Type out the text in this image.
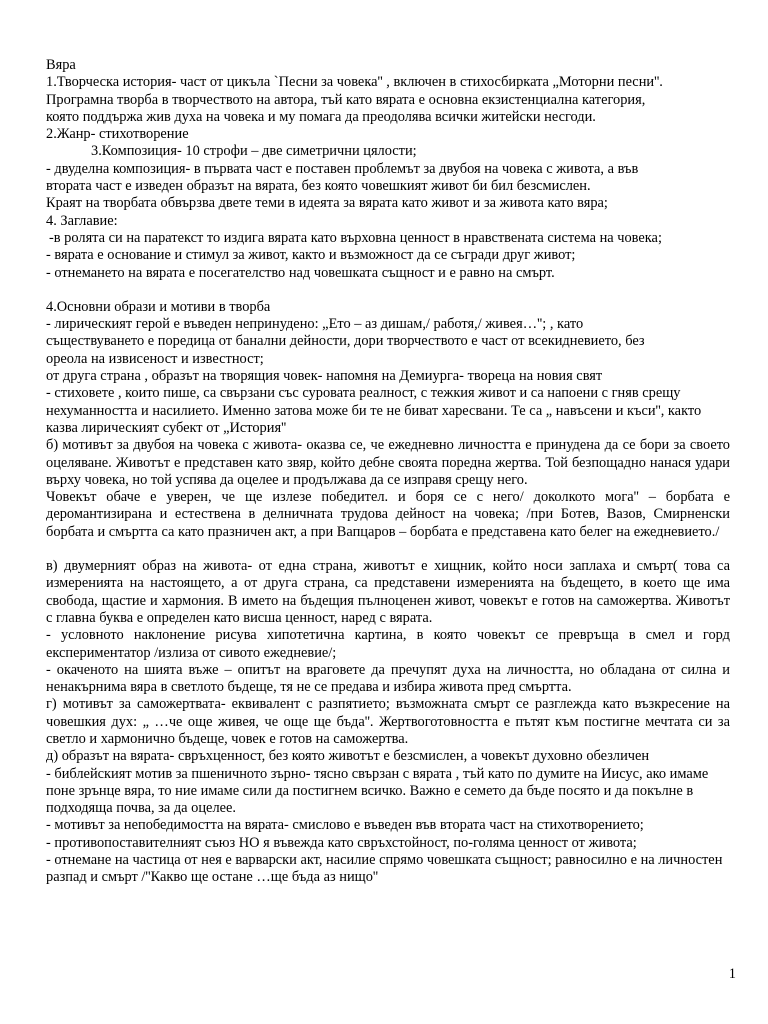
Вяра

1.Творческа история- част от цикъла `Песни за човека'' , включен в стихосбирката „Моторни песни''.

Програмна творба в творчеството на автора, тъй като вярата е основна екзистенциална категория,

която поддържа жив духа на човека и му помага да преодолява всички житейски несгоди.

2.Жанр- стихотворение

3.Композиция- 10 строфи – две симетрични цялости;

- двуделна композиция- в първата част е поставен проблемът за двубоя на човека с живота, а във

втората част е изведен образът на вярата, без която човешкият живот би бил безсмислен.

Краят на творбата обвързва двете теми в идеята за вярата като живот и за живота като вяра;

4. Заглавие:

-в ролята си на паратекст то издига вярата като върховна ценност в нравствената система на човека;

- вярата е основание и стимул за живот, както и възможност да се съгради друг живот;

- отнемането на вярата е посегателство над човешката същност и е равно на смърт.

4.Основни образи и мотиви в творба

- лирическият герой е въведен непринудено: „Ето – аз дишам,/ работя,/ живея…''; , като

съществуването е поредица от банални дейности, дори творчеството е част от всекидневието, без

ореола на извисеност и известност;

от друга страна , образът на творящия човек- напомня на Демиурга- твореца на новия свят

- стиховете , които пише, са свързани със суровата реалност, с тежкия живот и са напоени с гняв срещу нехуманността и насилието. Именно затова може би те не биват харесвани. Те са „ навъсени и къси'', както казва лирическият субект от „История''

б) мотивът за двубоя на човека с живота- оказва се, че ежедневно личността е принудена да се бори за своето оцеляване. Животът е представен като звяр, който дебне своята поредна жертва. Той безпощадно нанася удари върху човека, но той успява да оцелее и продължава да се изправя срещу него.

Човекът обаче е уверен, че ще излезе победител. и боря се с него/ доколкото мога'' – борбата е деромантизирана и естествена в делничната трудова дейност на човека; /при Ботев, Вазов, Смирненски борбата и смъртта са като празничен акт, а при Вапцаров – борбата е представена като белег на ежедневието./

в) двумерният образ на живота- от една страна, животът е хищник, който носи заплаха и смърт( това са измеренията на настоящето, а от друга страна, са представени измеренията на бъдещето, в което ще има свобода, щастие и хармония. В името на бъдещия пълноценен живот, човекът е готов на саможертва. Животът с главна буква е определен като висша ценност, наред с вярата.

- условното наклонение рисува хипотетична картина, в която човекът се превръща в смел и горд експериментатор /излиза от сивото ежедневие/;

- окаченото на шията въже – опитът на враговете да пречупят духа на личността, но обладана от силна и ненакърнима вяра в светлото бъдеще, тя не се предава и избира живота пред смъртта.

г) мотивът за саможертвата- еквивалент с разпятието; възможната смърт се разглежда като възкресение на човешкия дух: „ …че още живея, че още ще бъда''. Жертвоготовността е пътят към постигне мечтата си за светло и хармонично бъдеще, човек е готов на саможертва.

д) образът на вярата- свръхценност, без която животът е безсмислен, а човекът духовно обезличен

- библейският мотив за пшеничното зърно- тясно свързан с вярата , тъй като по думите на Иисус, ако имаме поне зрънце вяра, то ние имаме сили да постигнем всичко. Важно е семето да бъде посято и да покълне в подходяща почва, за да оцелее.

- мотивът за непобедимостта на вярата- смислово е въведен във втората част на стихотворението;

- противопоставителният съюз НО я въвежда като свръхстойност, по-голяма ценност от живота;

- отнемане на частица от нея е варварски акт, насилие спрямо човешката същност; равносилно е на личностен разпад и смърт /''Какво ще остане …ще бъда аз нищо''

1
